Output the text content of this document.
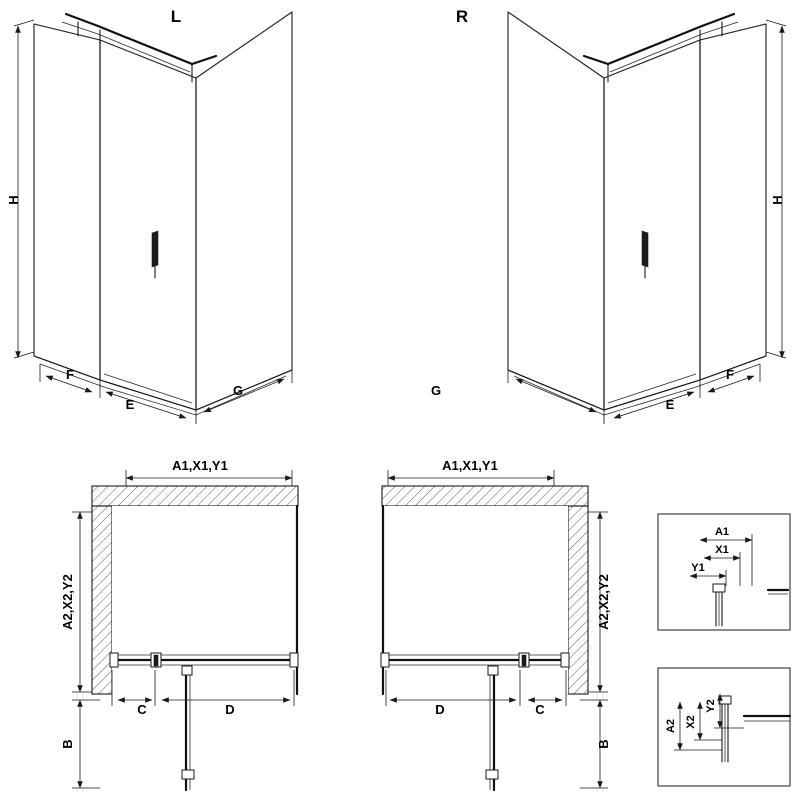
H
F
E
G
L
H
F
E
G
R
A1,X1,Y1
A2,X2,Y2
B
C	D
A1,X1,Y1
A2,X2,Y2
B
D	C
A1
X1
Y1
A2 X2
Y2
